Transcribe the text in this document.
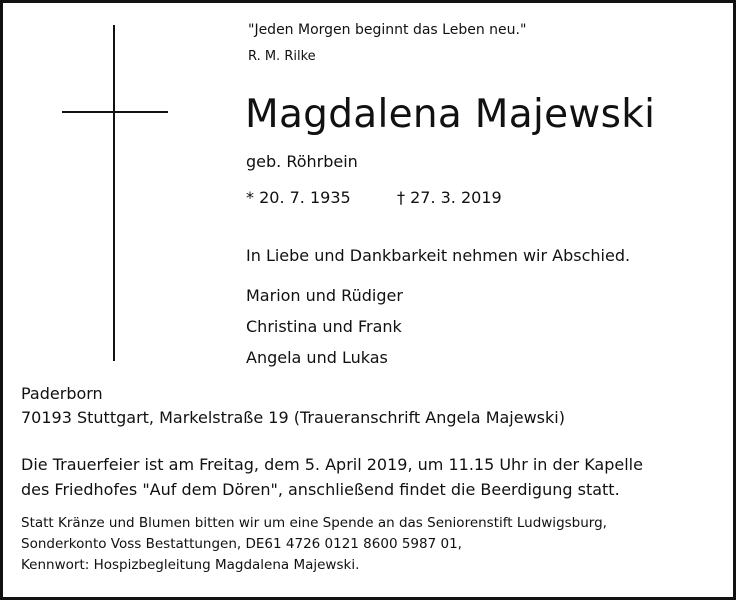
"Jeden Morgen beginnt das Leben neu."
R. M. Rilke
Magdalena Majewski
geb. Röhrbein
* 20. 7. 1935	† 27. 3. 2019
In Liebe und Dankbarkeit nehmen wir Abschied.
Marion und Rüdiger
Christina und Frank
Angela und Lukas
Paderborn
70193 Stuttgart, Markelstraße 19 (Traueranschrift Angela Majewski)
Die Trauerfeier ist am Freitag, dem 5. April 2019, um 11.15 Uhr in der Kapelle
des Friedhofes "Auf dem Dören", anschließend findet die Beerdigung statt.
Statt Kränze und Blumen bitten wir um eine Spende an das Seniorenstift Ludwigsburg,
Sonderkonto Voss Bestattungen, DE61 4726 0121 8600 5987 01,
Kennwort: Hospizbegleitung Magdalena Majewski.
